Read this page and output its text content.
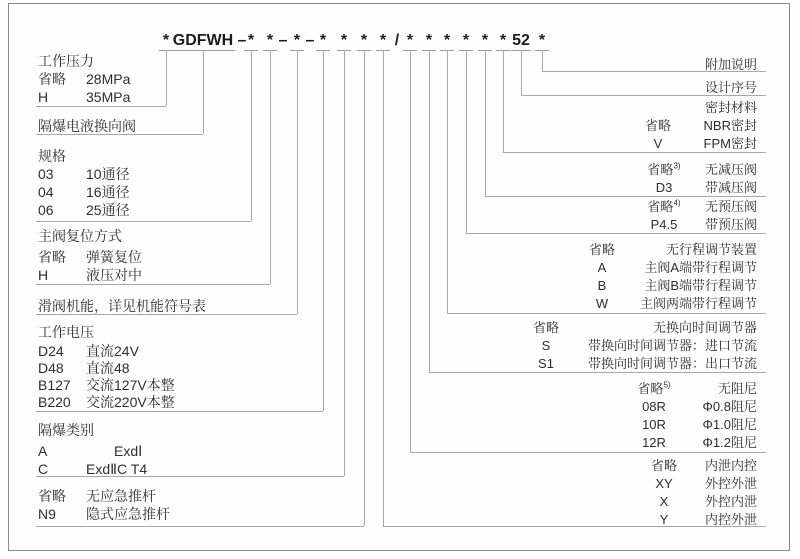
* GDFWH – * * – * – * * * * / * * * * * * 52 *
工作压力
省略	28MPa
H	35MPa
隔爆电液换向阀
规格
03	10通径
04	16通径
06	25通径
主阀复位方式
省略	弹簧复位
H	液压对中
滑阀机能，详见机能符号表
工作电压
D24	直流24V
D48	直流48
B127	交流127V本整
B220	交流220V本整
隔爆类别
A	ExdⅠ
C	ExdⅡC T4
省略	无应急推杆
N9	隐式应急推杆
附加说明
设计序号
密封材料
省略	NBR密封
V	FPM密封
省略$^{3)}$	无减压阀
D3	带减压阀
省略$^{4)}$	无预压阀
P4.5	带预压阀
省略	无行程调节装置
A	主阀A端带行程调节
B	主阀B端带行程调节
W	主阀两端带行程调节
省略	无换向时间调节器
S	带换向时间调节器：进口节流
S1	带换向时间调节器：出口节流
省略$^{5)}$	无阻尼
08R	Φ0.8阻尼
10R	Φ1.0阻尼
12R	Φ1.2阻尼
省略	内泄内控
XY	外控外泄
X	外控内泄
Y	内控外泄
